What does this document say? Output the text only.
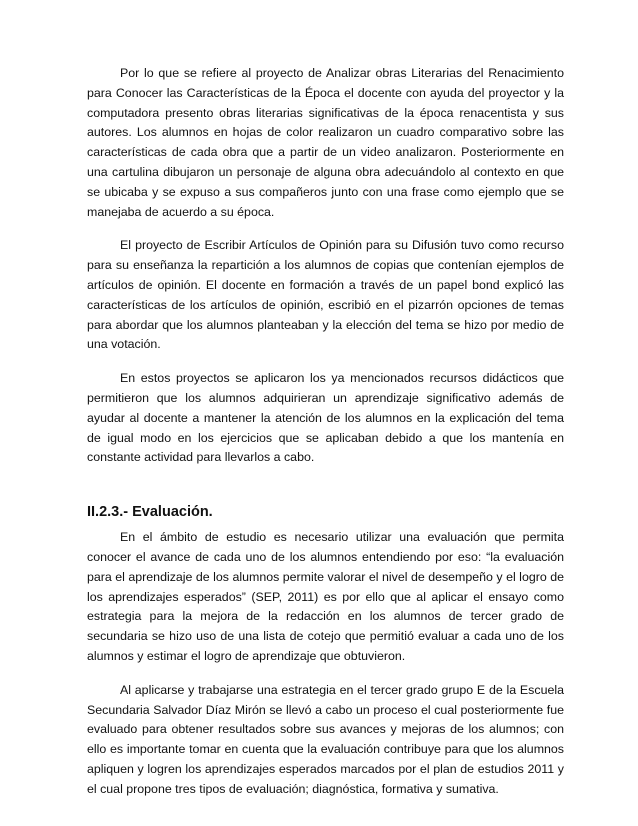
Por lo que se refiere al proyecto de Analizar obras Literarias del Renacimiento para Conocer las Características de la Época el docente con ayuda del proyector y la computadora presento obras literarias significativas de la época renacentista y sus autores. Los alumnos en hojas de color realizaron un cuadro comparativo sobre las características de cada obra que a partir de un video analizaron. Posteriormente en una cartulina dibujaron un personaje de alguna obra adecuándolo al contexto en que se ubicaba y se expuso a sus compañeros junto con una frase como ejemplo que se manejaba de acuerdo a su época.

El proyecto de Escribir Artículos de Opinión para su Difusión tuvo como recurso para su enseñanza la repartición a los alumnos de copias que contenían ejemplos de artículos de opinión. El docente en formación a través de un papel bond explicó las características de los artículos de opinión, escribió en el pizarrón opciones de temas para abordar que los alumnos planteaban y la elección del tema se hizo por medio de una votación.

En estos proyectos se aplicaron los ya mencionados recursos didácticos que permitieron que los alumnos adquirieran un aprendizaje significativo además de ayudar al docente a mantener la atención de los alumnos en la explicación del tema de igual modo en los ejercicios que se aplicaban debido a que los mantenía en constante actividad para llevarlos a cabo.

II.2.3.- Evaluación.

En el ámbito de estudio es necesario utilizar una evaluación que permita conocer el avance de cada uno de los alumnos entendiendo por eso: “la evaluación para el aprendizaje de los alumnos permite valorar el nivel de desempeño y el logro de los aprendizajes esperados” (SEP, 2011) es por ello que al aplicar el ensayo como estrategia para la mejora de la redacción en los alumnos de tercer grado de secundaria se hizo uso de una lista de cotejo que permitió evaluar a cada uno de los alumnos y estimar el logro de aprendizaje que obtuvieron.

Al aplicarse y trabajarse una estrategia en el tercer grado grupo E de la Escuela Secundaria Salvador Díaz Mirón se llevó a cabo un proceso el cual posteriormente fue evaluado para obtener resultados sobre sus avances y mejoras de los alumnos; con ello es importante tomar en cuenta que la evaluación contribuye para que los alumnos apliquen y logren los aprendizajes esperados marcados por el plan de estudios 2011 y el cual propone tres tipos de evaluación; diagnóstica, formativa y sumativa.
